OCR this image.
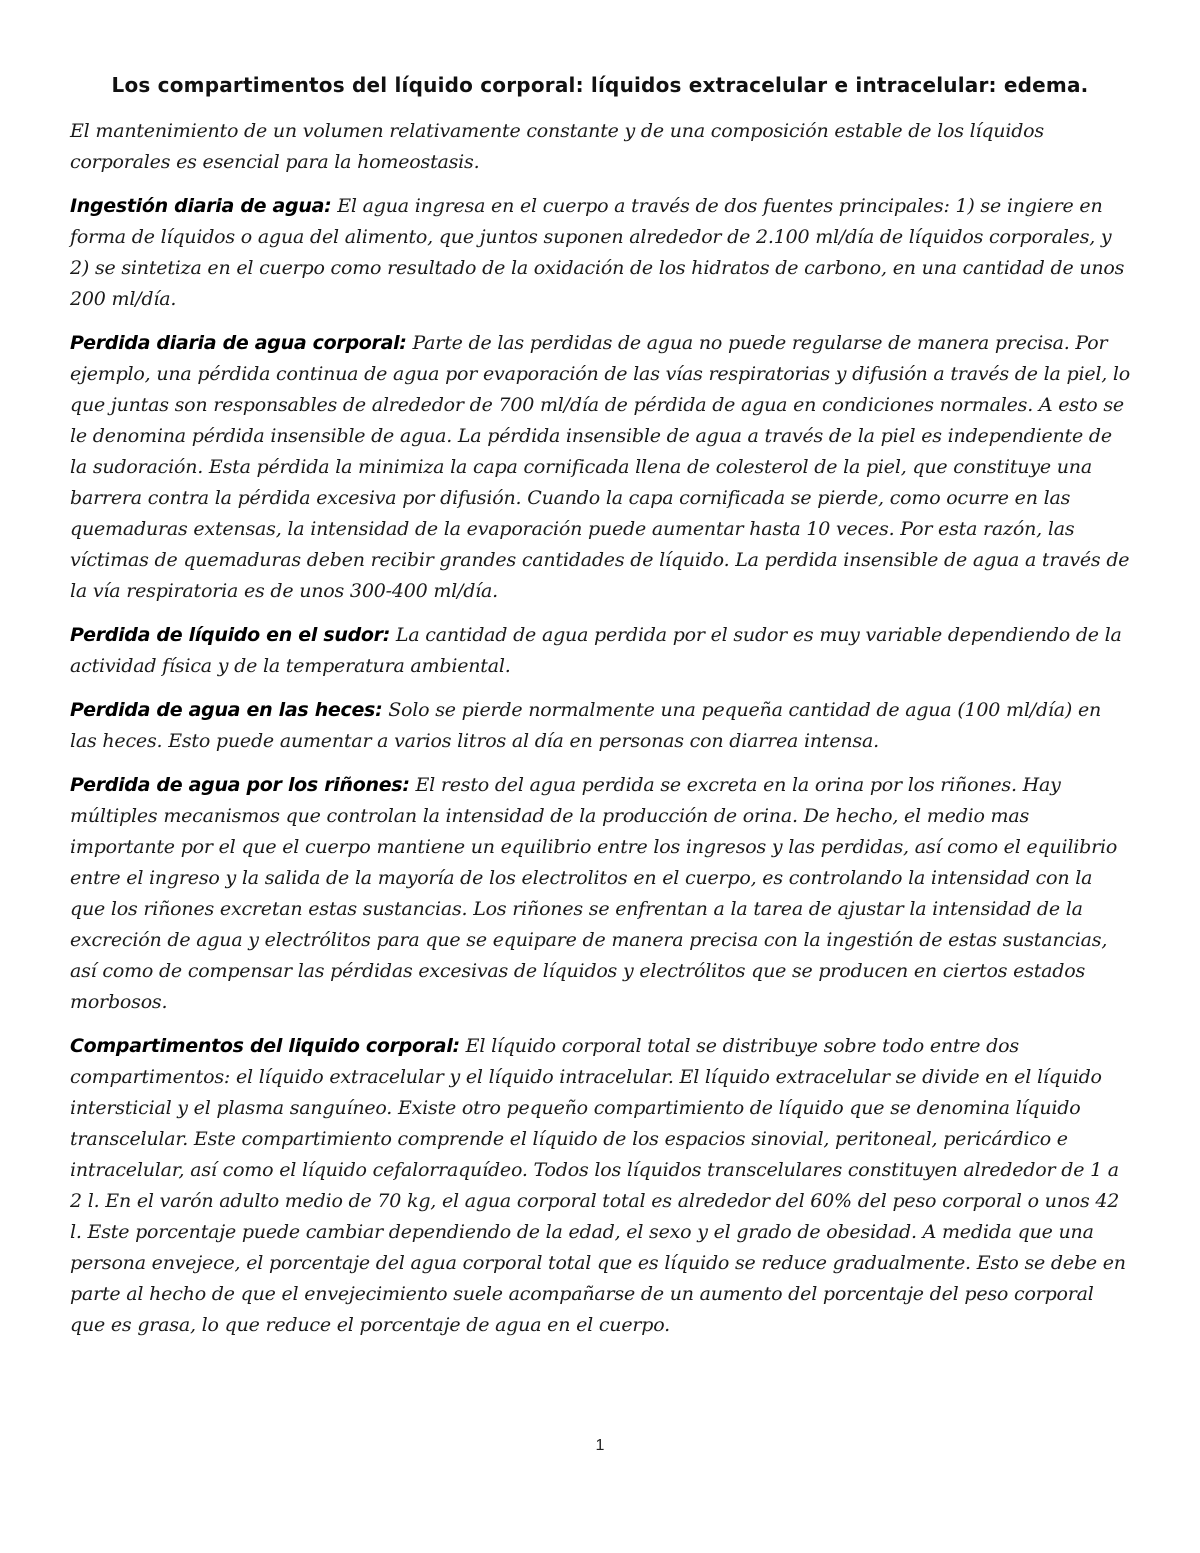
Los compartimentos del líquido corporal: líquidos extracelular e intracelular: edema.

El mantenimiento de un volumen relativamente constante y de una composición estable de los líquidos corporales es esencial para la homeostasis.

Ingestión diaria de agua: El agua ingresa en el cuerpo a través de dos fuentes principales: 1) se ingiere en forma de líquidos o agua del alimento, que juntos suponen alrededor de 2.100 ml/día de líquidos corporales, y 2) se sintetiza en el cuerpo como resultado de la oxidación de los hidratos de carbono, en una cantidad de unos 200 ml/día.

Perdida diaria de agua corporal: Parte de las perdidas de agua no puede regularse de manera precisa. Por ejemplo, una pérdida continua de agua por evaporación de las vías respiratorias y difusión a través de la piel, lo que juntas son responsables de alrededor de 700 ml/día de pérdida de agua en condiciones normales. A esto se le denomina pérdida insensible de agua. La pérdida insensible de agua a través de la piel es independiente de la sudoración. Esta pérdida la minimiza la capa cornificada llena de colesterol de la piel, que constituye una barrera contra la pérdida excesiva por difusión. Cuando la capa cornificada se pierde, como ocurre en las quemaduras extensas, la intensidad de la evaporación puede aumentar hasta 10 veces. Por esta razón, las víctimas de quemaduras deben recibir grandes cantidades de líquido. La perdida insensible de agua a través de la vía respiratoria es de unos 300-400 ml/día.

Perdida de líquido en el sudor: La cantidad de agua perdida por el sudor es muy variable dependiendo de la actividad física y de la temperatura ambiental.

Perdida de agua en las heces: Solo se pierde normalmente una pequeña cantidad de agua (100 ml/día) en las heces. Esto puede aumentar a varios litros al día en personas con diarrea intensa.

Perdida de agua por los riñones: El resto del agua perdida se excreta en la orina por los riñones. Hay múltiples mecanismos que controlan la intensidad de la producción de orina. De hecho, el medio mas importante por el que el cuerpo mantiene un equilibrio entre los ingresos y las perdidas, así como el equilibrio entre el ingreso y la salida de la mayoría de los electrolitos en el cuerpo, es controlando la intensidad con la que los riñones excretan estas sustancias. Los riñones se enfrentan a la tarea de ajustar la intensidad de la excreción de agua y electrólitos para que se equipare de manera precisa con la ingestión de estas sustancias, así como de compensar las pérdidas excesivas de líquidos y electrólitos que se producen en ciertos estados morbosos.

Compartimentos del liquido corporal: El líquido corporal total se distribuye sobre todo entre dos compartimentos: el líquido extracelular y el líquido intracelular. El líquido extracelular se divide en el líquido intersticial y el plasma sanguíneo. Existe otro pequeño compartimiento de líquido que se denomina líquido transcelular. Este compartimiento comprende el líquido de los espacios sinovial, peritoneal, pericárdico e intracelular, así como el líquido cefalorraquídeo. Todos los líquidos transcelulares constituyen alrededor de 1 a 2 l. En el varón adulto medio de 70 kg, el agua corporal total es alrededor del 60% del peso corporal o unos 42 l. Este porcentaje puede cambiar dependiendo de la edad, el sexo y el grado de obesidad. A medida que una persona envejece, el porcentaje del agua corporal total que es líquido se reduce gradualmente. Esto se debe en parte al hecho de que el envejecimiento suele acompañarse de un aumento del porcentaje del peso corporal que es grasa, lo que reduce el porcentaje de agua en el cuerpo.

1
